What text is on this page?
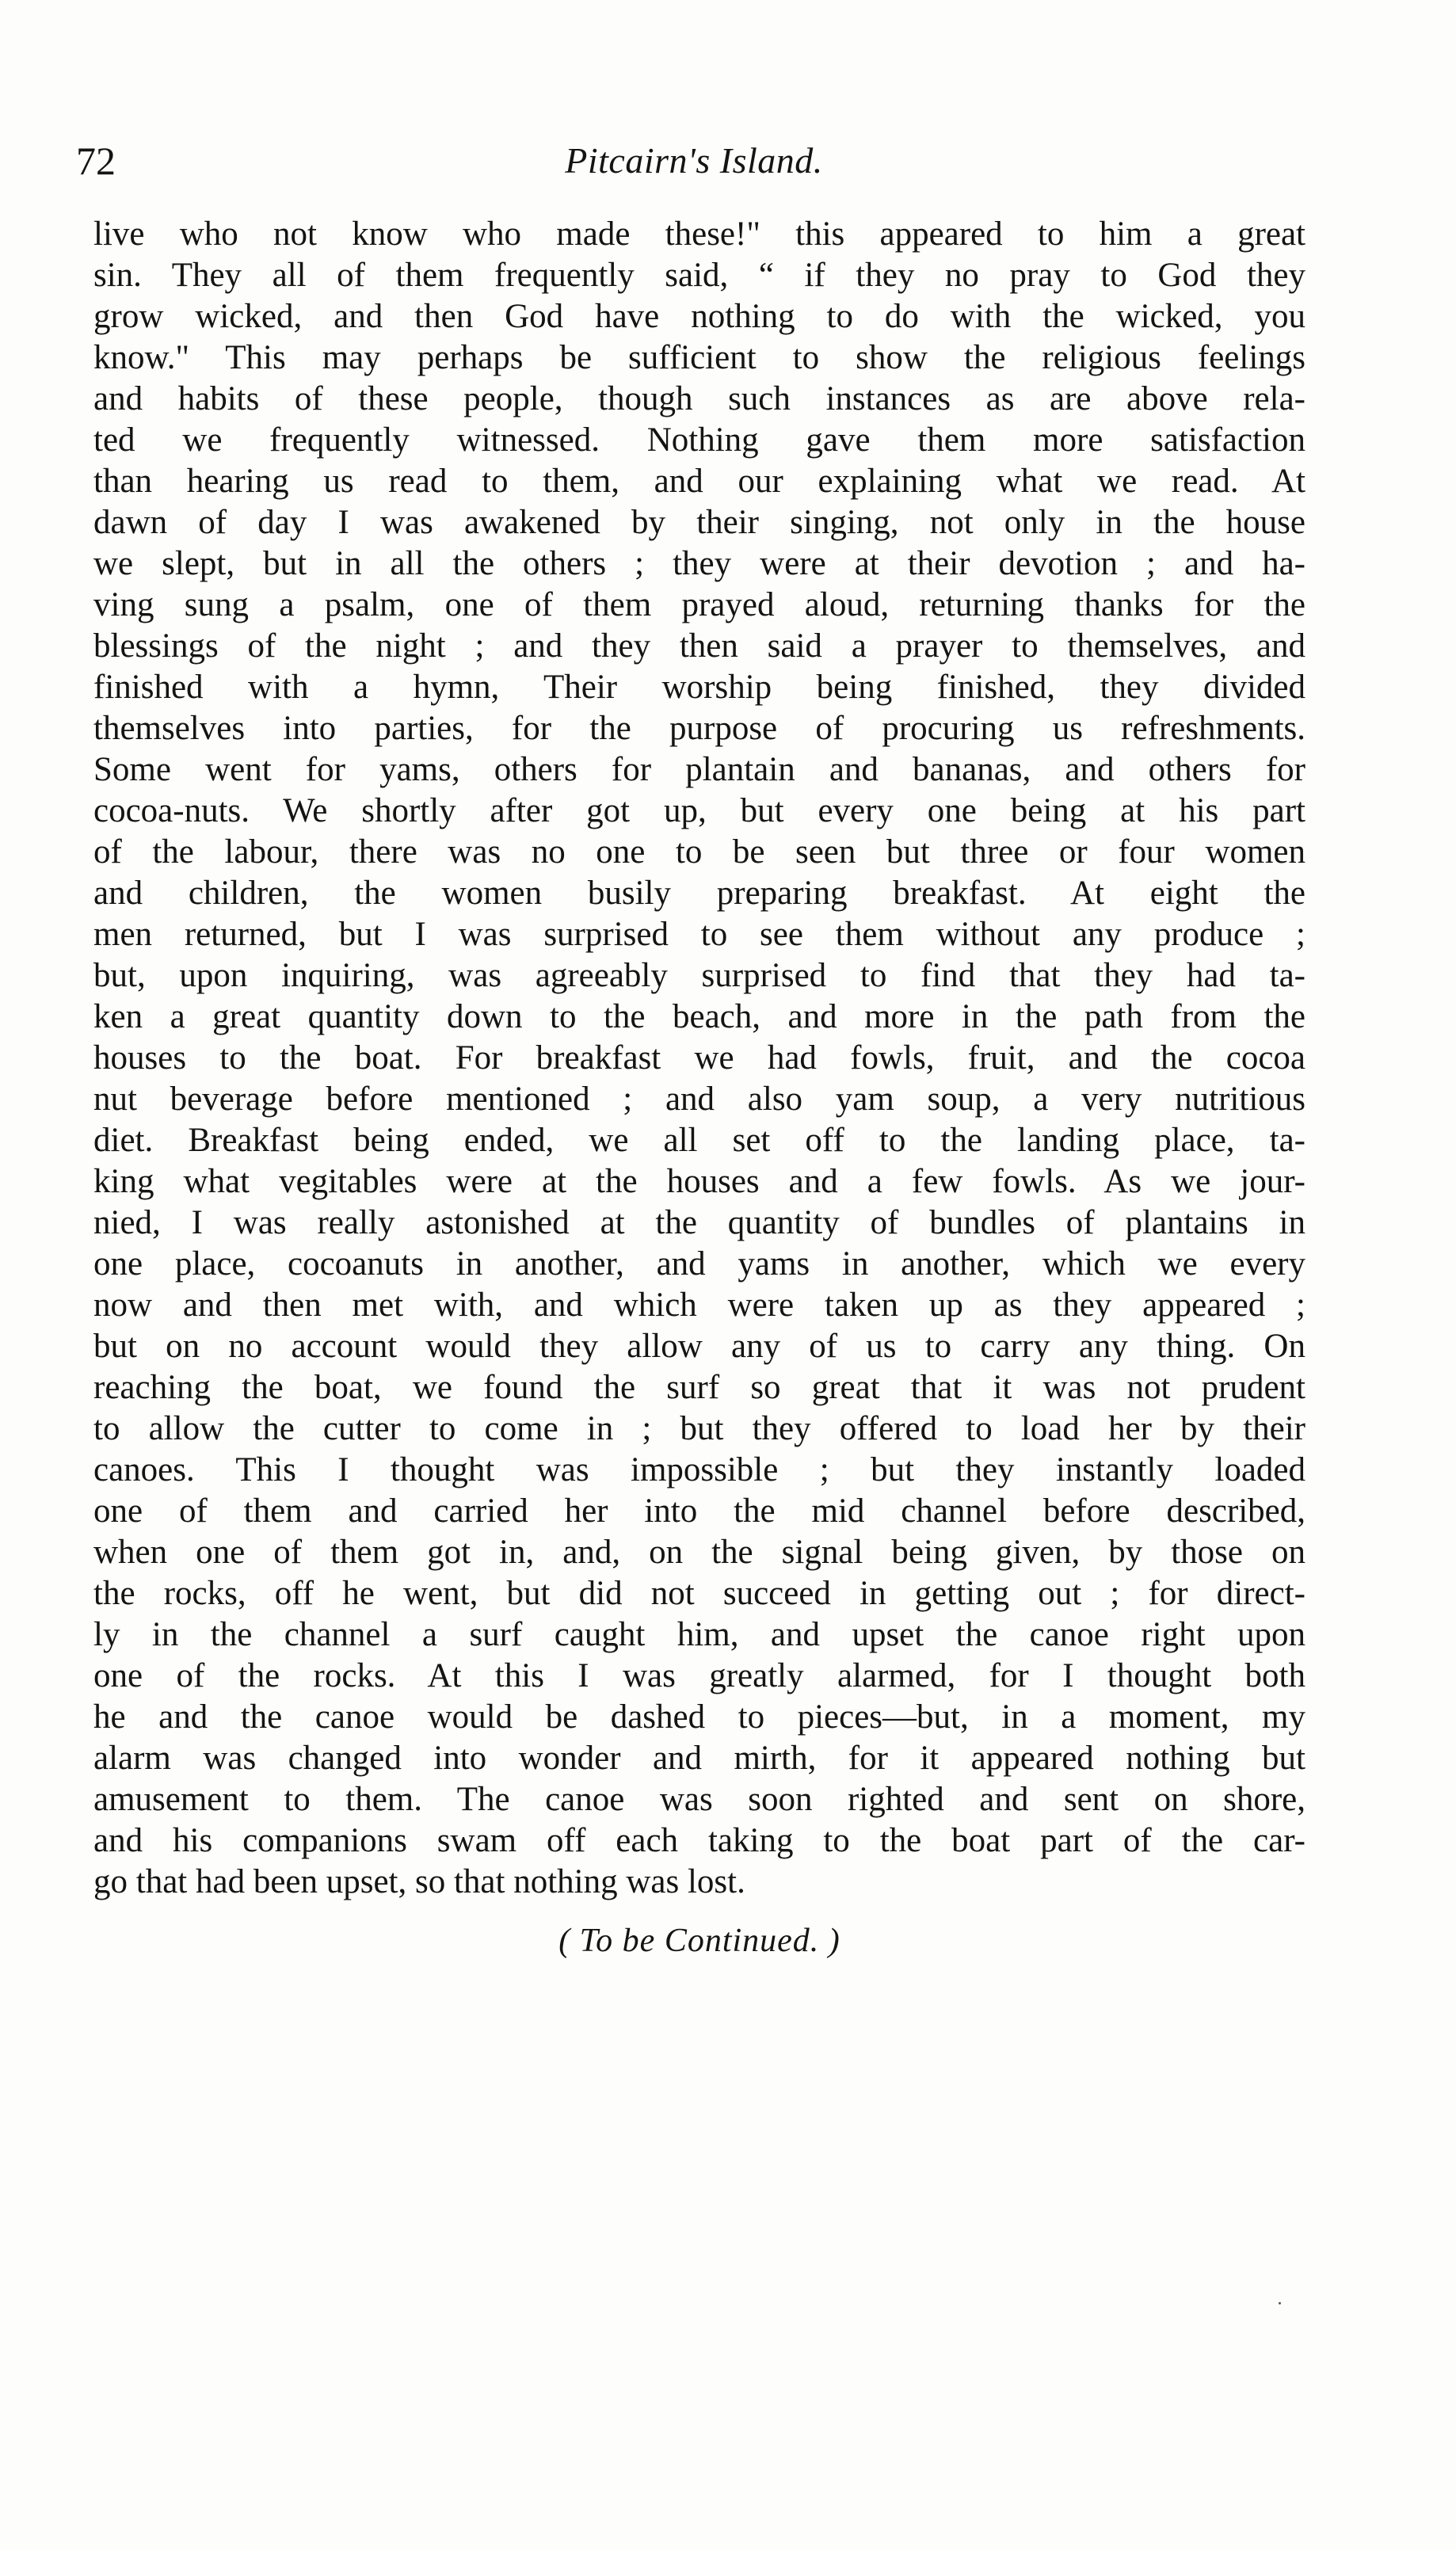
72	Pitcairn's Island.
live who not know who made these!" this appeared to him a great
sin. They all of them frequently said, “ if they no pray to God they
grow wicked, and then God have nothing to do with the wicked, you
know." This may perhaps be sufficient to show the religious feelings
and habits of these people, though such instances as are above rela-
ted we frequently witnessed. Nothing gave them more satisfaction
than hearing us read to them, and our explaining what we read. At
dawn of day I was awakened by their singing, not only in the house
we slept, but in all the others ; they were at their devotion ; and ha-
ving sung a psalm, one of them prayed aloud, returning thanks for the
blessings of the night ; and they then said a prayer to themselves, and
finished with a hymn, Their worship being finished, they divided
themselves into parties, for the purpose of procuring us refreshments.
Some went for yams, others for plantain and bananas, and others for
cocoa-nuts. We shortly after got up, but every one being at his part
of the labour, there was no one to be seen but three or four women
and children, the women busily preparing breakfast. At eight the
men returned, but I was surprised to see them without any produce ;
but, upon inquiring, was agreeably surprised to find that they had ta-
ken a great quantity down to the beach, and more in the path from the
houses to the boat. For breakfast we had fowls, fruit, and the cocoa
nut beverage before mentioned ; and also yam soup, a very nutritious
diet. Breakfast being ended, we all set off to the landing place, ta-
king what vegitables were at the houses and a few fowls. As we jour-
nied, I was really astonished at the quantity of bundles of plantains in
one place, cocoanuts in another, and yams in another, which we every
now and then met with, and which were taken up as they appeared ;
but on no account would they allow any of us to carry any thing. On
reaching the boat, we found the surf so great that it was not prudent
to allow the cutter to come in ; but they offered to load her by their
canoes. This I thought was impossible ; but they instantly loaded
one of them and carried her into the mid channel before described,
when one of them got in, and, on the signal being given, by those on
the rocks, off he went, but did not succeed in getting out ; for direct-
ly in the channel a surf caught him, and upset the canoe right upon
one of the rocks. At this I was greatly alarmed, for I thought both
he and the canoe would be dashed to pieces—but, in a moment, my
alarm was changed into wonder and mirth, for it appeared nothing but
amusement to them. The canoe was soon righted and sent on shore,
and his companions swam off each taking to the boat part of the car-
go that had been upset, so that nothing was lost.
( To be Continued. )
